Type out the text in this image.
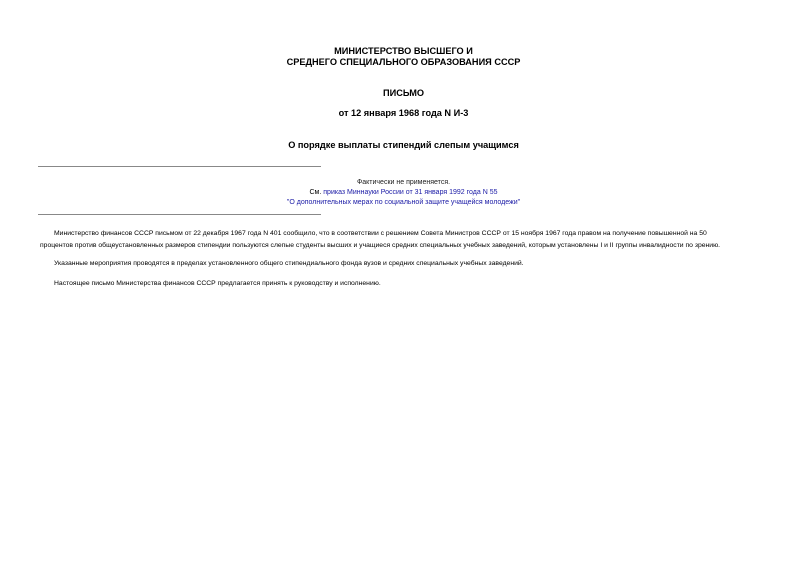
МИНИСТЕРСТВО ВЫСШЕГО И
СРЕДНЕГО СПЕЦИАЛЬНОГО ОБРАЗОВАНИЯ СССР
ПИСЬМО
от 12 января 1968 года N И-3
О порядке выплаты стипендий слепым учащимся
Фактически не применяется.
См. приказ Миннауки России от 31 января 1992 года N 55
"О дополнительных мерах по социальной защите учащейся молодежи"
Министерство финансов СССР письмом от 22 декабря 1967 года N 401 сообщило, что в соответствии с решением Совета Министров СССР от 15 ноября 1967 года правом на получение повышенной на 50
процентов против общеустановленных размеров стипендии пользуются слепые студенты высших и учащиеся средних специальных учебных заведений, которым установлены I и II группы инвалидности по зрению.

Указанные мероприятия проводятся в пределах установленного общего стипендиального фонда вузов и средних специальных учебных заведений.

Настоящее письмо Министерства финансов СССР предлагается принять к руководству и исполнению.
